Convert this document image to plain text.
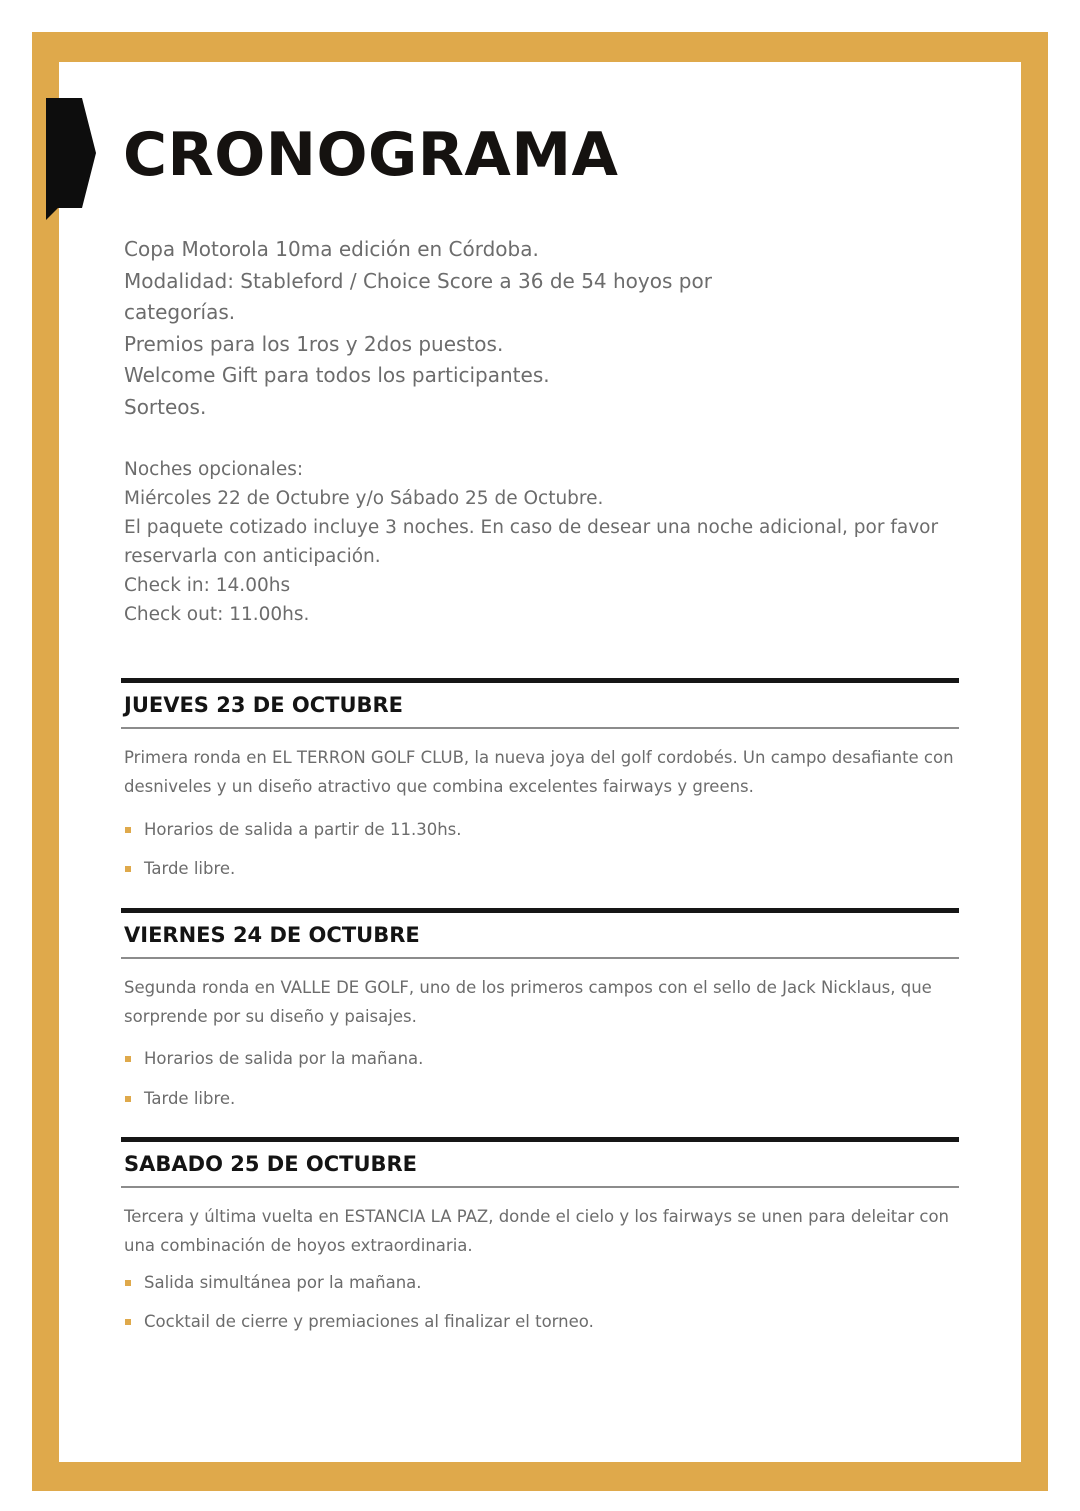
CRONOGRAMA
Copa Motorola 10ma edición en Córdoba.
Modalidad: Stableford / Choice Score a 36 de 54 hoyos por
categorías.
Premios para los 1ros y 2dos puestos.
Welcome Gift para todos los participantes.
Sorteos.
Noches opcionales:
Miércoles 22 de Octubre y/o Sábado 25 de Octubre.
El paquete cotizado incluye 3 noches. En caso de desear una noche adicional, por favor
reservarla con anticipación.
Check in: 14.00hs
Check out: 11.00hs.
JUEVES 23 DE OCTUBRE
Primera ronda en EL TERRON GOLF CLUB, la nueva joya del golf cordobés. Un campo desafiante con desniveles y un diseño atractivo que combina excelentes fairways y greens.
Horarios de salida a partir de 11.30hs.
Tarde libre.
VIERNES 24 DE OCTUBRE
Segunda ronda en VALLE DE GOLF, uno de los primeros campos con el sello de Jack Nicklaus, que sorprende por su diseño y paisajes.
Horarios de salida por la mañana.
Tarde libre.
SABADO 25 DE OCTUBRE
Tercera y última vuelta en ESTANCIA LA PAZ, donde el cielo y los fairways se unen para deleitar con una combinación de hoyos extraordinaria.
Salida simultánea por la mañana.
Cocktail de cierre y premiaciones al finalizar el torneo.
